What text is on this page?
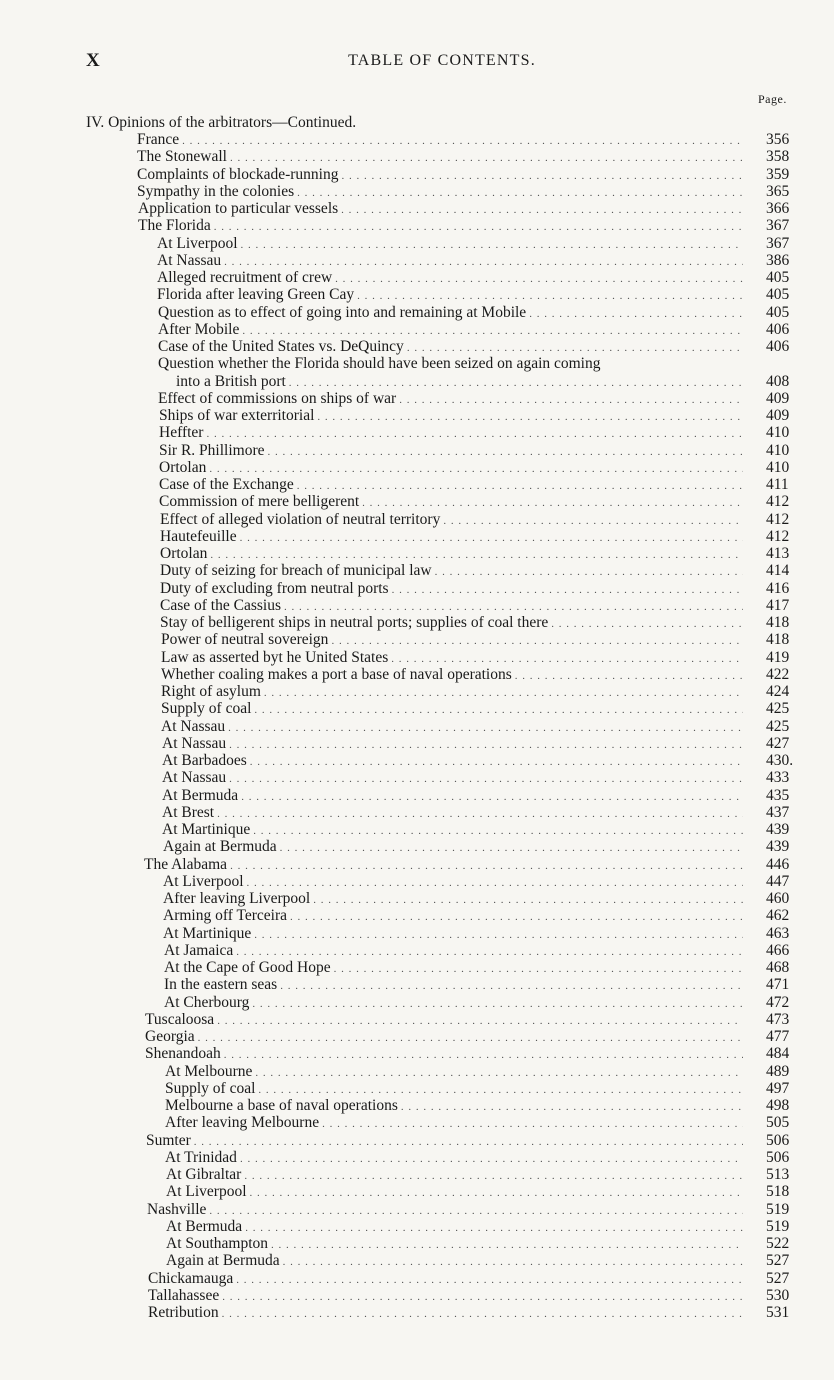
X	TABLE OF CONTENTS.
Page.
IV. Opinions of the arbitrators—Continued.
France . . .	356
The Stonewall . . .	358
Complaints of blockade-running . . .	359
Sympathy in the colonies . . .	365
Application to particular vessels . . .	366
The Florida . . .	367
At Liverpool . . .	367
At Nassau . . .	386
Alleged recruitment of crew . . .	405
Florida after leaving Green Cay . . .	405
Question as to effect of going into and remaining at Mobile . . .	405
After Mobile . . .	406
Case of the United States vs. DeQuincy . . .	406
Question whether the Florida should have been seized on again coming
into a British port . . .	408
Effect of commissions on ships of war . . .	409
Ships of war exterritorial . . .	409
Heffter . . .	410
Sir R. Phillimore . . .	410
Ortolan . . .	410
Case of the Exchange . . .	411
Commission of mere belligerent . . .	412
Effect of alleged violation of neutral territory . . .	412
Hautefeuille . . .	412
Ortolan . . .	413
Duty of seizing for breach of municipal law . . .	414
Duty of excluding from neutral ports . . .	416
Case of the Cassius . . .	417
Stay of belligerent ships in neutral ports; supplies of coal there . . .	418
Power of neutral sovereign . . .	418
Law as asserted byt he United States . . .	419
Whether coaling makes a port a base of naval operations . . .	422
Right of asylum . . .	424
Supply of coal . . .	425
At Nassau . . .	425
At Nassau . . .	427
At Barbadoes . . .	430.
At Nassau . . .	433
At Bermuda . . .	435
At Brest . . .	437
At Martinique . . .	439
Again at Bermuda . . .	439
The Alabama . . .	446
At Liverpool . . .	447
After leaving Liverpool . . .	460
Arming off Terceira . . .	462
At Martinique . . .	463
At Jamaica . . .	466
At the Cape of Good Hope . . .	468
In the eastern seas . . .	471
At Cherbourg . . .	472
Tuscaloosa . . .	473
Georgia . . .	477
Shenandoah . . .	484
At Melbourne . . .	489
Supply of coal . . .	497
Melbourne a base of naval operations . . .	498
After leaving Melbourne . . .	505
Sumter . . .	506
At Trinidad . . .	506
At Gibraltar . . .	513
At Liverpool . . .	518
Nashville . . .	519
At Bermuda . . .	519
At Southampton . . .	522
Again at Bermuda . . .	527
Chickamauga . . .	527
Tallahassee . . .	530
Retribution . . .	531
